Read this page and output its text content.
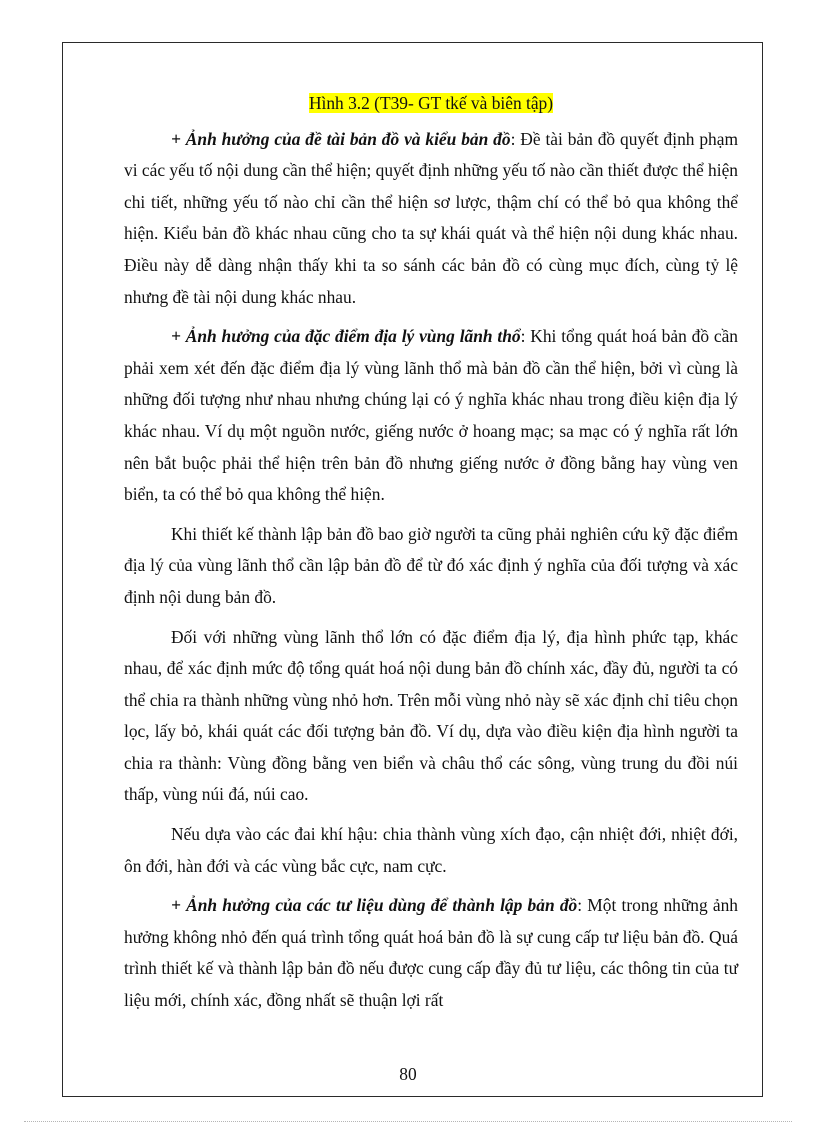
Hình 3.2 (T39- GT tkế và biên tập)

+ Ảnh hưởng của đề tài bản đồ và kiểu bản đồ: Đề tài bản đồ quyết định phạm vi các yếu tố nội dung cần thể hiện; quyết định những yếu tố nào cần thiết được thể hiện chi tiết, những yếu tố nào chỉ cần thể hiện sơ lược, thậm chí có thể bỏ qua không thể hiện. Kiểu bản đồ khác nhau cũng cho ta sự khái quát và thể hiện nội dung khác nhau. Điều này dễ dàng nhận thấy khi ta so sánh các bản đồ có cùng mục đích, cùng tỷ lệ nhưng đề tài nội dung khác nhau.

+ Ảnh hưởng của đặc điểm địa lý vùng lãnh thổ: Khi tổng quát hoá bản đồ cần phải xem xét đến đặc điểm địa lý vùng lãnh thổ mà bản đồ cần thể hiện, bởi vì cùng là những đối tượng như nhau nhưng chúng lại có ý nghĩa khác nhau trong điều kiện địa lý khác nhau. Ví dụ một nguồn nước, giếng nước ở hoang mạc; sa mạc có ý nghĩa rất lớn nên bắt buộc phải thể hiện trên bản đồ nhưng giếng nước ở đồng bằng hay vùng ven biển, ta có thể bỏ qua không thể hiện.

Khi thiết kế thành lập bản đồ bao giờ người ta cũng phải nghiên cứu kỹ đặc điểm địa lý của vùng lãnh thổ cần lập bản đồ để từ đó xác định ý nghĩa của đối tượng và xác định nội dung bản đồ.

Đối với những vùng lãnh thổ lớn có đặc điểm địa lý, địa hình phức tạp, khác nhau, để xác định mức độ tổng quát hoá nội dung bản đồ chính xác, đầy đủ, người ta có thể chia ra thành những vùng nhỏ hơn. Trên mỗi vùng nhỏ này sẽ xác định chỉ tiêu chọn lọc, lấy bỏ, khái quát các đối tượng bản đồ. Ví dụ, dựa vào điều kiện địa hình người ta chia ra thành: Vùng đồng bằng ven biển và châu thổ các sông, vùng trung du đồi núi thấp, vùng núi đá, núi cao.

Nếu dựa vào các đai khí hậu: chia thành vùng xích đạo, cận nhiệt đới, nhiệt đới, ôn đới, hàn đới và các vùng bắc cực, nam cực.

+ Ảnh hưởng của các tư liệu dùng để thành lập bản đồ: Một trong những ảnh hưởng không nhỏ đến quá trình tổng quát hoá bản đồ là sự cung cấp tư liệu bản đồ. Quá trình thiết kế và thành lập bản đồ nếu được cung cấp đầy đủ tư liệu, các thông tin của tư liệu mới, chính xác, đồng nhất sẽ thuận lợi rất

80
